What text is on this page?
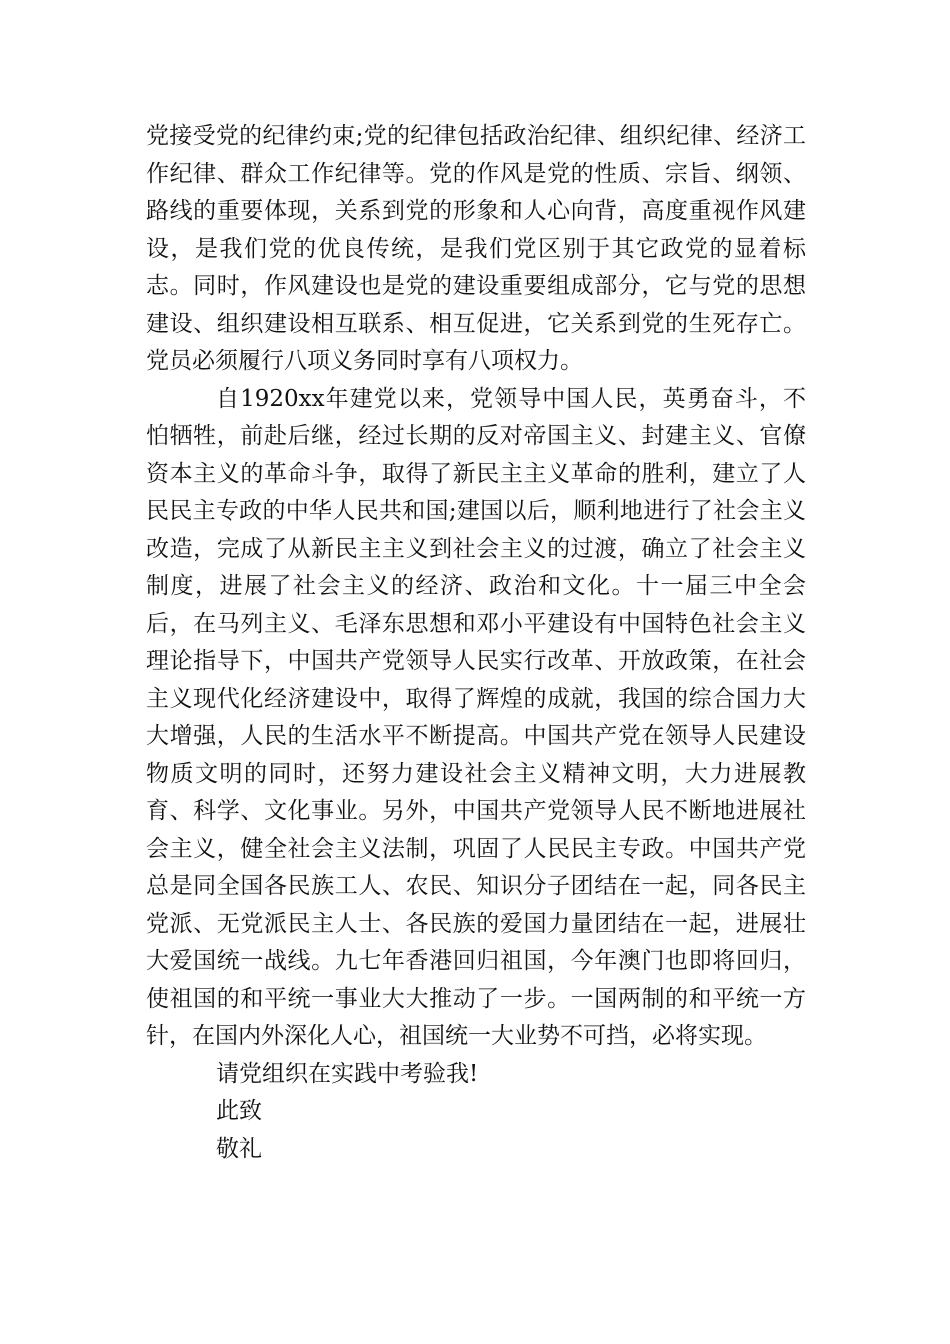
党接受党的纪律约束;党的纪律包括政治纪律、组织纪律、经济工作纪律、群众工作纪律等。党的作风是党的性质、宗旨、纲领、路线的重要体现，关系到党的形象和人心向背，高度重视作风建设，是我们党的优良传统，是我们党区别于其它政党的显着标志。同时，作风建设也是党的建设重要组成部分，它与党的思想建设、组织建设相互联系、相互促进，它关系到党的生死存亡。党员必须履行八项义务同时享有八项权力。

自1920xx年建党以来，党领导中国人民，英勇奋斗，不怕牺牲，前赴后继，经过长期的反对帝国主义、封建主义、官僚资本主义的革命斗争，取得了新民主主义革命的胜利，建立了人民民主专政的中华人民共和国;建国以后，顺利地进行了社会主义改造，完成了从新民主主义到社会主义的过渡，确立了社会主义制度，进展了社会主义的经济、政治和文化。十一届三中全会后，在马列主义、毛泽东思想和邓小平建设有中国特色社会主义理论指导下，中国共产党领导人民实行改革、开放政策，在社会主义现代化经济建设中，取得了辉煌的成就，我国的综合国力大大增强，人民的生活水平不断提高。中国共产党在领导人民建设物质文明的同时，还努力建设社会主义精神文明，大力进展教育、科学、文化事业。另外，中国共产党领导人民不断地进展社会主义，健全社会主义法制，巩固了人民民主专政。中国共产党总是同全国各民族工人、农民、知识分子团结在一起，同各民主党派、无党派民主人士、各民族的爱国力量团结在一起，进展壮大爱国统一战线。九七年香港回归祖国，今年澳门也即将回归，使祖国的和平统一事业大大推动了一步。一国两制的和平统一方针，在国内外深化人心，祖国统一大业势不可挡，必将实现。

请党组织在实践中考验我!

此致

敬礼
